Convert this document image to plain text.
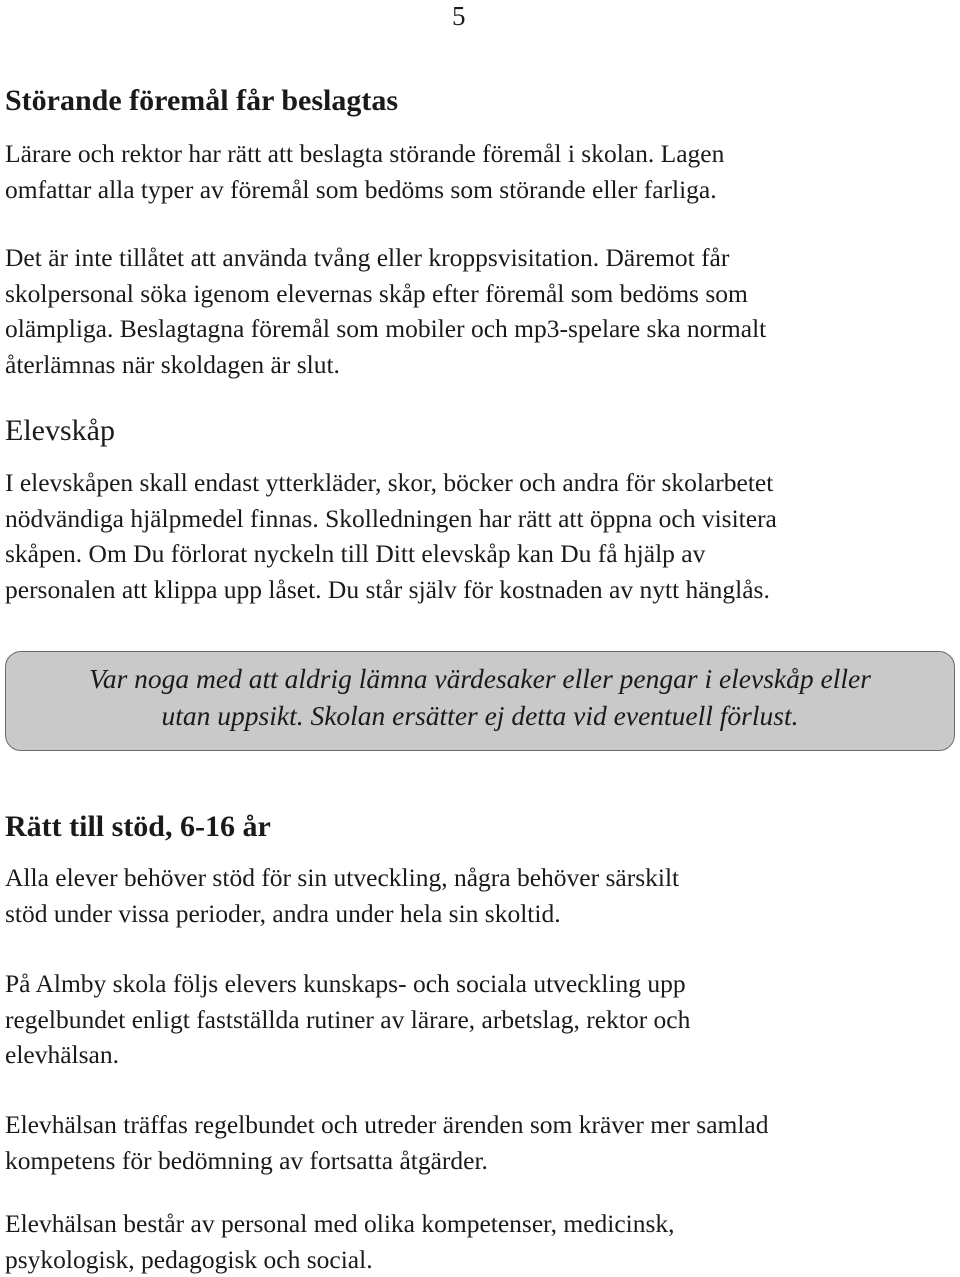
5
Störande föremål får beslagtas

Lärare och rektor har rätt att beslagta störande föremål i skolan. Lagen
omfattar alla typer av föremål som bedöms som störande eller farliga.

Det är inte tillåtet att använda tvång eller kroppsvisitation. Däremot får
skolpersonal söka igenom elevernas skåp efter föremål som bedöms som
olämpliga. Beslagtagna föremål som mobiler och mp3-spelare ska normalt
återlämnas när skoldagen är slut.

Elevskåp

I elevskåpen skall endast ytterkläder, skor, böcker och andra för skolarbetet
nödvändiga hjälpmedel finnas. Skolledningen har rätt att öppna och visitera
skåpen. Om Du förlorat nyckeln till Ditt elevskåp kan Du få hjälp av
personalen att klippa upp låset. Du står själv för kostnaden av nytt hänglås.

Var noga med att aldrig lämna värdesaker eller pengar i elevskåp eller
utan uppsikt. Skolan ersätter ej detta vid eventuell förlust.

Rätt till stöd, 6-16 år

Alla elever behöver stöd för sin utveckling, några behöver särskilt
stöd under vissa perioder, andra under hela sin skoltid.

På Almby skola följs elevers kunskaps- och sociala utveckling upp
regelbundet enligt fastställda rutiner av lärare, arbetslag, rektor och
elevhälsan.

Elevhälsan träffas regelbundet och utreder ärenden som kräver mer samlad
kompetens för bedömning av fortsatta åtgärder.

Elevhälsan består av personal med olika kompetenser, medicinsk,
psykologisk, pedagogisk och social.
